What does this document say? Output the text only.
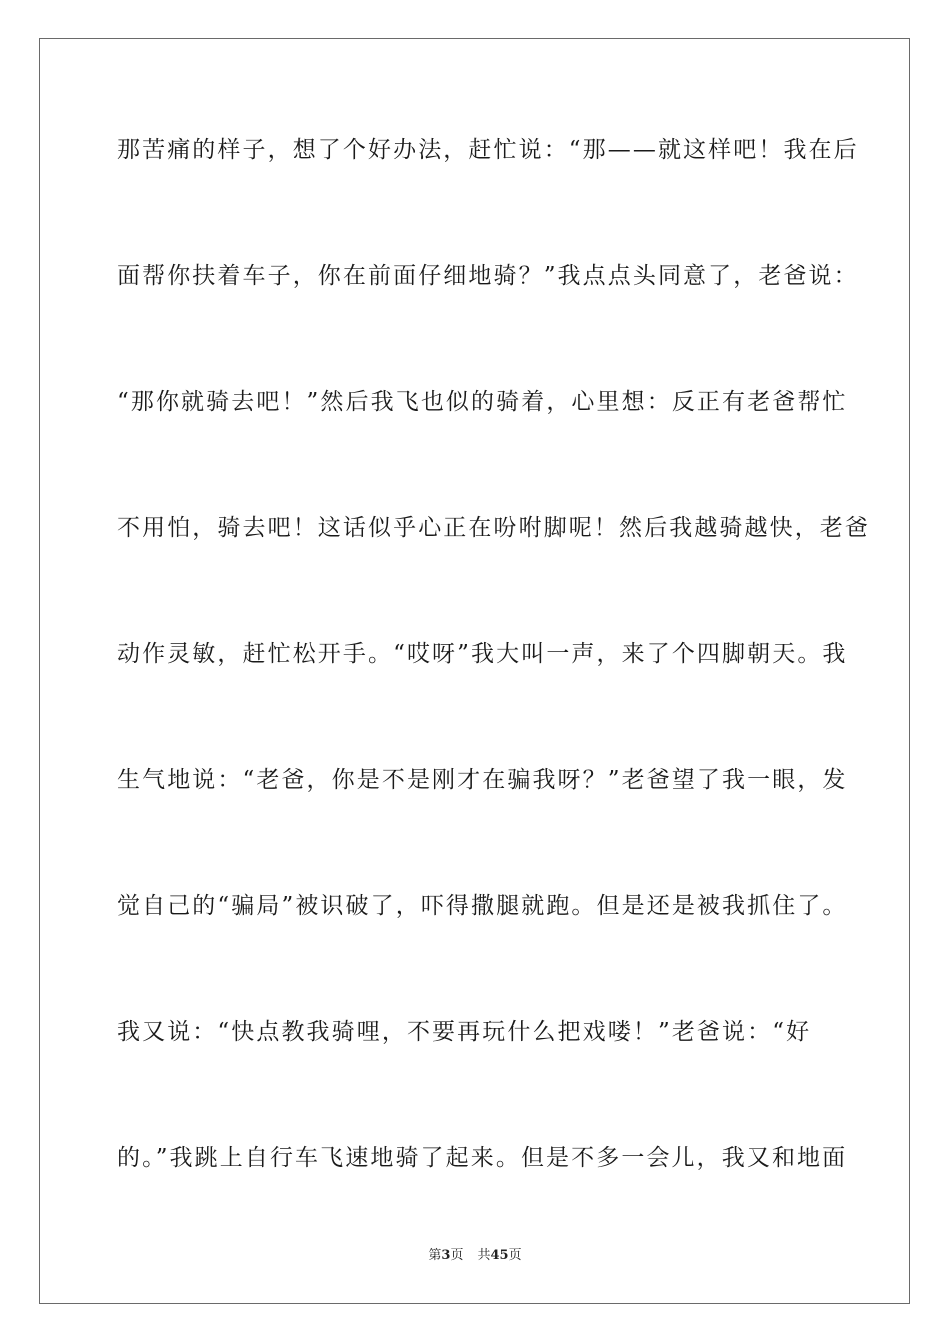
那苦痛的样子，想了个好办法，赶忙说：“那——就这样吧！我在后
面帮你扶着车子，你在前面仔细地骑？”我点点头同意了，老爸说：
“那你就骑去吧！”然后我飞也似的骑着，心里想：反正有老爸帮忙
不用怕，骑去吧！这话似乎心正在吩咐脚呢！然后我越骑越快，老爸
动作灵敏，赶忙松开手。“哎呀”我大叫一声，来了个四脚朝天。我
生气地说：“老爸，你是不是刚才在骗我呀？”老爸望了我一眼，发
觉自己的“骗局”被识破了，吓得撒腿就跑。但是还是被我抓住了。
我又说：“快点教我骑哩，不要再玩什么把戏喽！”老爸说：“好
的。”我跳上自行车飞速地骑了起来。但是不多一会儿，我又和地面
第3页 共45页
